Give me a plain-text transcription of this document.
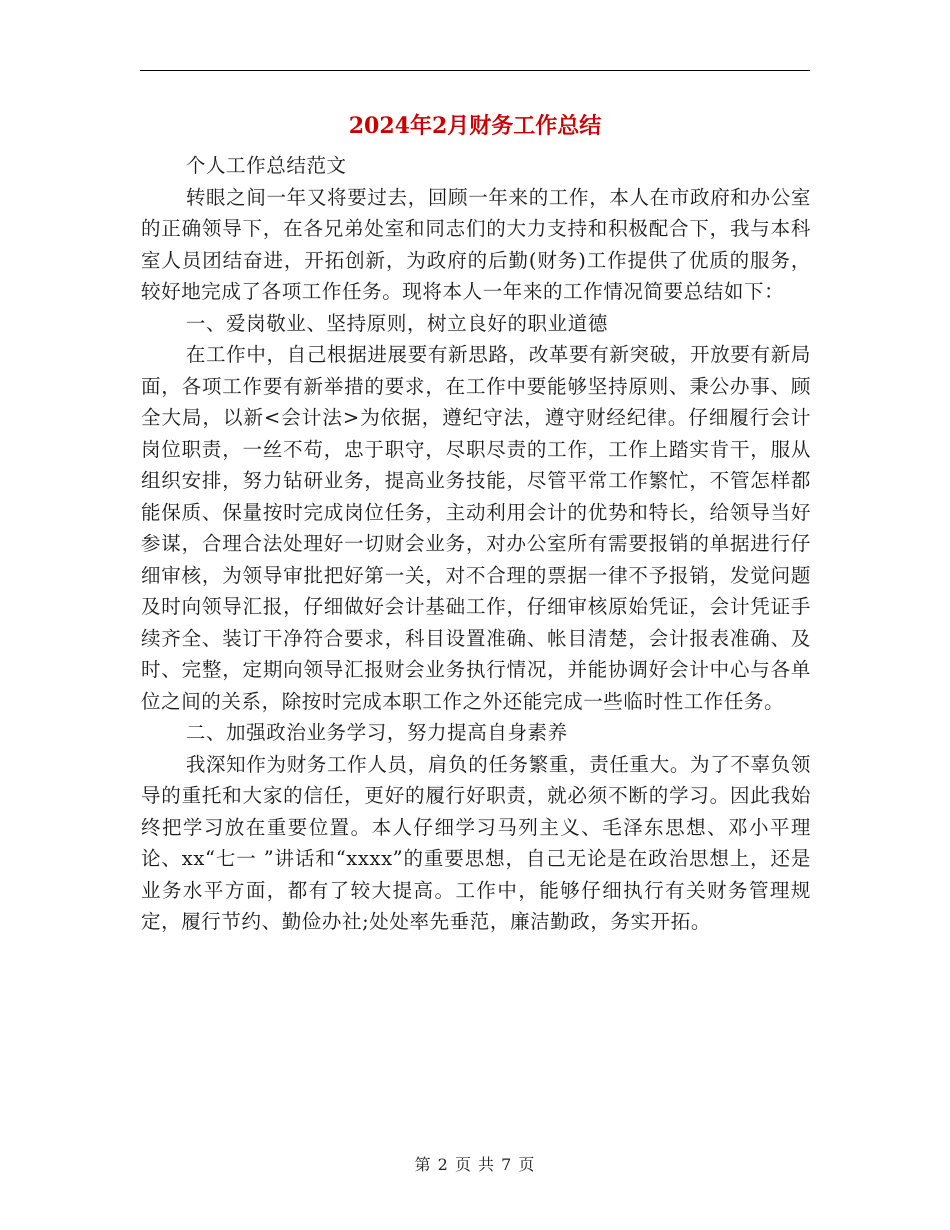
2024年2月财务工作总结

个人工作总结范文

转眼之间一年又将要过去，回顾一年来的工作，本人在市政府和办公室的正确领导下，在各兄弟处室和同志们的大力支持和积极配合下，我与本科室人员团结奋进，开拓创新，为政府的后勤(财务)工作提供了优质的服务，较好地完成了各项工作任务。现将本人一年来的工作情况简要总结如下：

一、爱岗敬业、坚持原则，树立良好的职业道德

在工作中，自己根据进展要有新思路，改革要有新突破，开放要有新局面，各项工作要有新举措的要求，在工作中要能够坚持原则、秉公办事、顾全大局，以新<会计法>为依据，遵纪守法，遵守财经纪律。仔细履行会计岗位职责，一丝不苟，忠于职守，尽职尽责的工作，工作上踏实肯干，服从组织安排，努力钻研业务，提高业务技能，尽管平常工作繁忙，不管怎样都能保质、保量按时完成岗位任务，主动利用会计的优势和特长，给领导当好参谋，合理合法处理好一切财会业务，对办公室所有需要报销的单据进行仔细审核，为领导审批把好第一关，对不合理的票据一律不予报销，发觉问题及时向领导汇报，仔细做好会计基础工作，仔细审核原始凭证，会计凭证手续齐全、装订干净符合要求，科目设置准确、帐目清楚，会计报表准确、及时、完整，定期向领导汇报财会业务执行情况，并能协调好会计中心与各单位之间的关系，除按时完成本职工作之外还能完成一些临时性工作任务。

二、加强政治业务学习，努力提高自身素养

我深知作为财务工作人员，肩负的任务繁重，责任重大。为了不辜负领导的重托和大家的信任，更好的履行好职责，就必须不断的学习。因此我始终把学习放在重要位置。本人仔细学习马列主义、毛泽东思想、邓小平理论、xx“七一 ”讲话和“xxxx”的重要思想，自己无论是在政治思想上，还是业务水平方面，都有了较大提高。工作中，能够仔细执行有关财务管理规定，履行节约、勤俭办社;处处率先垂范，廉洁勤政，务实开拓。

第 2 页 共 7 页
